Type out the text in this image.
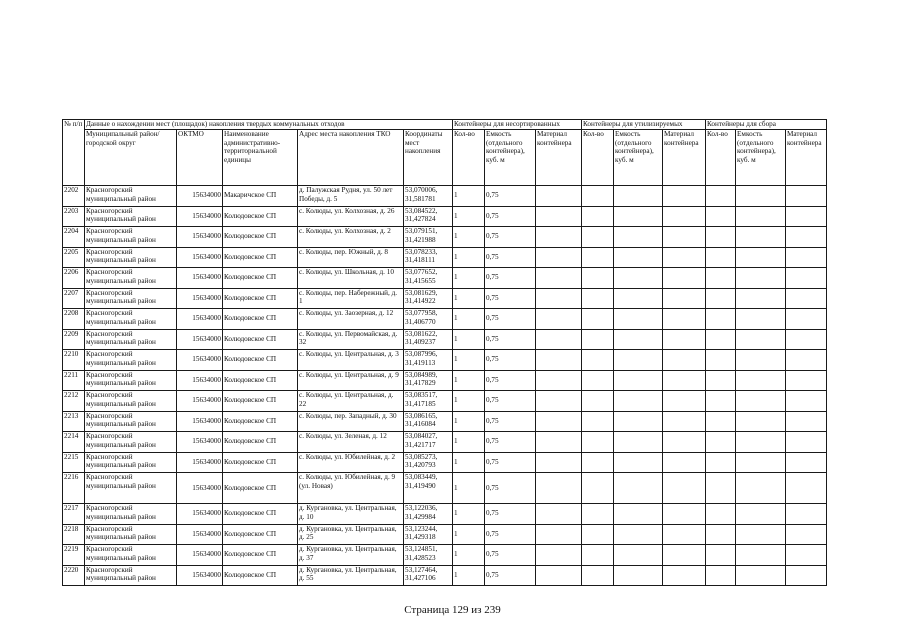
№ п/п	Данные о нахождении мест (площадок) накопления твердых коммунальных отходов					Контейнеры для несортированных			Контейнеры для утилизируемых			Контейнеры для сбора		
	Муниципальный район/городской округ	ОКТМО	Наименование административно-территориальной единицы	Адрес места накопления ТКО	Координаты мест накопления	Кол-во	Емкость (отдельного контейнера), куб. м	Материал контейнера	Кол-во	Емкость (отдельного контейнера), куб. м	Материал контейнера	Кол-во	Емкость (отдельного контейнера), куб. м	Материал контейнера
2202	Красногорский муниципальный район	15634000	Макаричское СП	д. Палужская Рудня, ул. 50 лет Победы, д. 5	53,070006, 31,581781	1	0,75							
2203	Красногорский муниципальный район	15634000	Колюдовское СП	с. Колюды, ул. Колхозная, д. 26	53,084522, 31,427824	1	0,75							
2204	Красногорский муниципальный район	15634000	Колюдовское СП	с. Колюды, ул. Колхозная, д. 2	53,079151, 31,421988	1	0,75							
2205	Красногорский муниципальный район	15634000	Колюдовское СП	с. Колюды, пер. Южный, д. 8	53,078233, 31,418111	1	0,75							
2206	Красногорский муниципальный район	15634000	Колюдовское СП	с. Колюды, ул. Школьная, д. 10	53,077652, 31,415655	1	0,75							
2207	Красногорский муниципальный район	15634000	Колюдовское СП	с. Колюды, пер. Набережный, д. 1	53,081629, 31,414922	1	0,75							
2208	Красногорский муниципальный район	15634000	Колюдовское СП	с. Колюды, ул. Заозерная, д. 12	53,077958, 31,406770	1	0,75							
2209	Красногорский муниципальный район	15634000	Колюдовское СП	с. Колюды, ул. Первомайская, д. 32	53,081622, 31,409237	1	0,75							
2210	Красногорский муниципальный район	15634000	Колюдовское СП	с. Колюды, ул. Центральная, д. 3	53,087996, 31,419113	1	0,75							
2211	Красногорский муниципальный район	15634000	Колюдовское СП	с. Колюды, ул. Центральная, д. 9	53,084989, 31,417829	1	0,75							
2212	Красногорский муниципальный район	15634000	Колюдовское СП	с. Колюды, ул. Центральная, д. 22	53,083517, 31,417185	1	0,75							
2213	Красногорский муниципальный район	15634000	Колюдовское СП	с. Колюды, пер. Западный, д. 30	53,086165, 31,416084	1	0,75							
2214	Красногорский муниципальный район	15634000	Колюдовское СП	с. Колюды, ул. Зеленая, д. 12	53,084027, 31,421717	1	0,75							
2215	Красногорский муниципальный район	15634000	Колюдовское СП	с. Колюды, ул. Юбилейная, д. 2	53,085273, 31,420793	1	0,75							
2216	Красногорский муниципальный район	15634000	Колюдовское СП	с. Колюды, ул. Юбилейная, д. 9 (ул. Новая)	53,083449, 31,419490	1	0,75							
2217	Красногорский муниципальный район	15634000	Колюдовское СП	д. Кургановка, ул. Центральная, д. 10	53,122036, 31,429984	1	0,75							
2218	Красногорский муниципальный район	15634000	Колюдовское СП	д. Кургановка, ул. Центральная, д. 25	53,123244, 31,429318	1	0,75							
2219	Красногорский муниципальный район	15634000	Колюдовское СП	д. Кургановка, ул. Центральная, д. 37	53,124851, 31,428523	1	0,75							
2220	Красногорский муниципальный район	15634000	Колюдовское СП	д. Кургановка, ул. Центральная, д. 55	53,127464, 31,427106	1	0,75							
Страница 129 из 239
